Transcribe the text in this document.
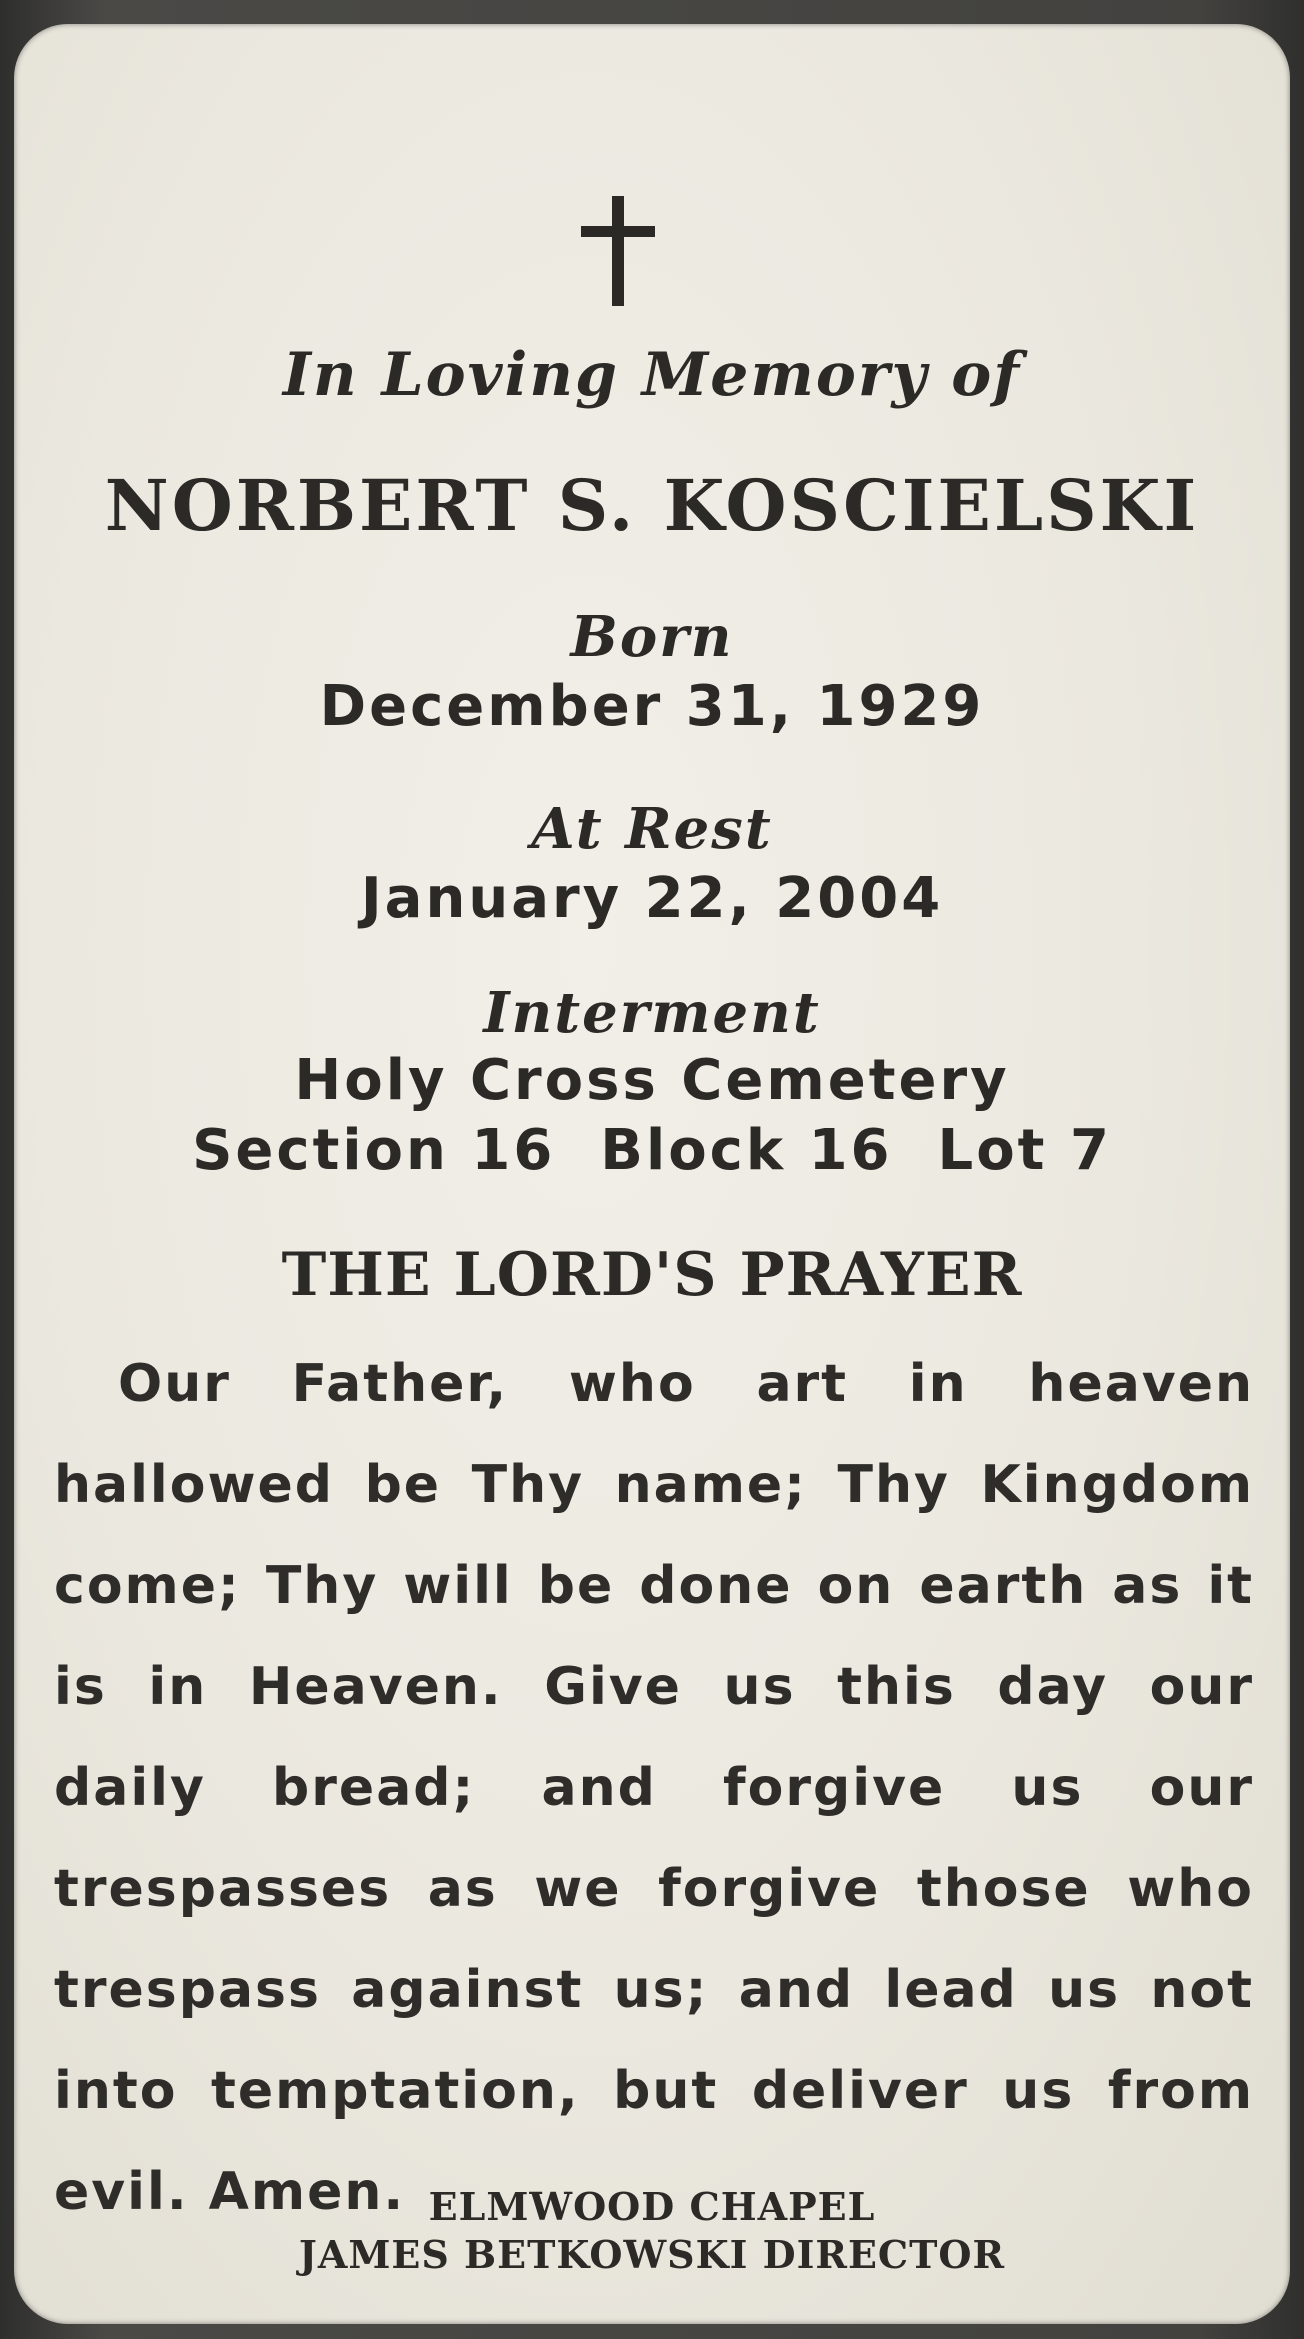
In Loving Memory of
NORBERT S. KOSCIELSKI
Born
December 31, 1929
At Rest
January 22, 2004
Interment
Holy Cross Cemetery
Section 16  Block 16  Lot 7
THE LORD'S PRAYER
Our Father, who art in heaven hallowed be Thy name; Thy Kingdom come; Thy will be done on earth as it is in Heaven. Give us this day our daily bread; and forgive us our trespasses as we forgive those who trespass against us; and lead us not into temptation, but deliver us from evil. Amen. ELMWOOD CHAPEL
JAMES BETKOWSKI DIRECTOR
